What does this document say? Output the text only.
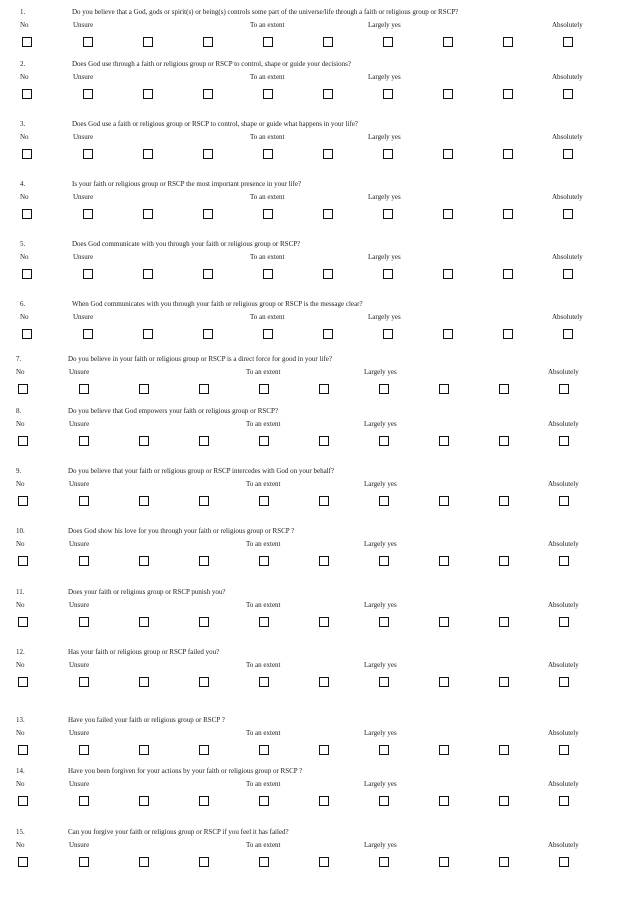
1.	Do you believe that a God, gods or spirit(s) or being(s) controls some part of the universe/life through a faith or religious group or RSCP?
No	Unsure	To an extent	Largely yes	Absolutely
2.	Does God use through a faith or religious group or RSCP to control, shape or guide your decisions?
No	Unsure	To an extent	Largely yes	Absolutely
3.	Does God use a faith or religious group or RSCP to control, shape or guide what happens in your life?
No	Unsure	To an extent	Largely yes	Absolutely
4.	Is your faith or religious group or RSCP the most important presence in your life?
No	Unsure	To an extent	Largely yes	Absolutely
5.	Does God communicate with you through your faith or religious group or RSCP?
No	Unsure	To an extent	Largely yes	Absolutely
6.	When God communicates with you through your faith or religious group or RSCP is the message clear?
No	Unsure	To an extent	Largely yes	Absolutely
7.	Do you believe in your faith or religious group or RSCP is a direct force for good in your life?
No	Unsure	To an extent	Largely yes	Absolutely
8.	Do you believe that God empowers your faith or religious group or RSCP?
No	Unsure	To an extent	Largely yes	Absolutely
9.	Do you believe that your faith or religious group or RSCP intercedes with God on your behalf?
No	Unsure	To an extent	Largely yes	Absolutely
10.	Does God show his love for you through your faith or religious group or RSCP ?
No	Unsure	To an extent	Largely yes	Absolutely
11.	Does your faith or religious group or RSCP punish you?
No	Unsure	To an extent	Largely yes	Absolutely
12.	Has your faith or religious group or RSCP failed you?
No	Unsure	To an extent	Largely yes	Absolutely
13.	Have you failed your faith or religious group or RSCP ?
No	Unsure	To an extent	Largely yes	Absolutely
14.	Have you been forgiven for your actions by your faith or religious group or RSCP ?
No	Unsure	To an extent	Largely yes	Absolutely
15.	Can you forgive your faith or religious group or RSCP if you feel it has failed?
No	Unsure	To an extent	Largely yes	Absolutely
